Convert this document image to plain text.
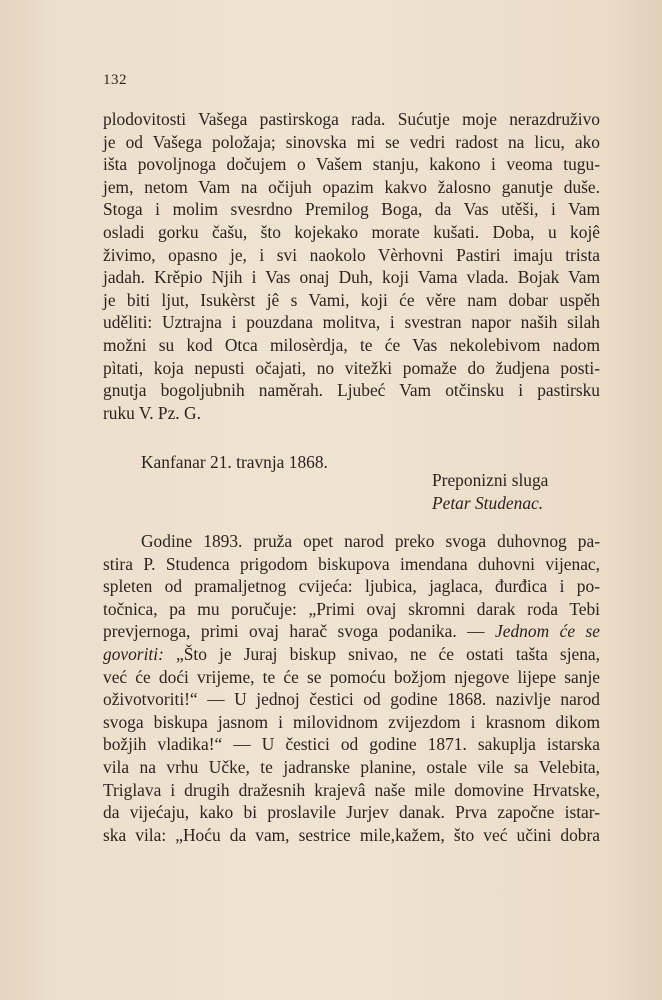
132
plodovitosti Vašega pastirskoga rada. Sućutje moje nerazdruživo
je od Vašega položaja; sinovska mi se vedri radost na licu, ako
išta povoljnoga dočujem o Vašem stanju, kakono i veoma tugu-
jem, netom Vam na očijuh opazim kakvo žalosno ganutje duše.
Stoga i molim svesrdno Premilog Boga, da Vas utěši, i Vam
osladi gorku čašu, što kojekako morate kušati. Doba, u kojê
živimo, opasno je, i svi naokolo Vèrhovni Pastiri imaju trista
jadah. Krěpio Njih i Vas onaj Duh, koji Vama vlada. Bojak Vam
je biti ljut, Isukèrst jê s Vami, koji će věre nam dobar uspěh
uděliti: Uztrajna i pouzdana molitva, i svestran napor naših silah
možni su kod Otca milosèrdja, te će Vas nekolebivom nadom
pìtati, koja nepusti očajati, no vitežki pomaže do žudjena posti-
gnutja bogoljubnih naměrah. Ljubeć Vam otčinsku i pastirsku
ruku V. Pz. G.
Kanfanar 21. travnja 1868.
Preponizni sluga
Petar Studenac.
Godine 1893. pruža opet narod preko svoga duhovnog pa-
stira P. Studenca prigodom biskupova imendana duhovni vijenac,
spleten od pramaljetnog cvijeća: ljubica, jaglaca, đurđica i po-
točnica, pa mu poručuje: „Primi ovaj skromni darak roda Tebi
prevjernoga, primi ovaj harač svoga podanika. — Jednom će se
govoriti: „Što je Juraj biskup snivao, ne će ostati tašta sjena,
već će doći vrijeme, te će se pomoću božjom njegove lijepe sanje
oživotvoriti!“ — U jednoj čestici od godine 1868. nazivlje narod
svoga biskupa jasnom i milovidnom zvijezdom i krasnom dikom
božjih vladika!“ — U čestici od godine 1871. sakuplja istarska
vila na vrhu Učke, te jadranske planine, ostale vile sa Velebita,
Triglava i drugih dražesnih krajevâ naše mile domovine Hrvatske,
da vijećaju, kako bi proslavile Jurjev danak. Prva započne istar-
ska vila: „Hoću da vam, sestrice mile,kažem, što već učini dobra
